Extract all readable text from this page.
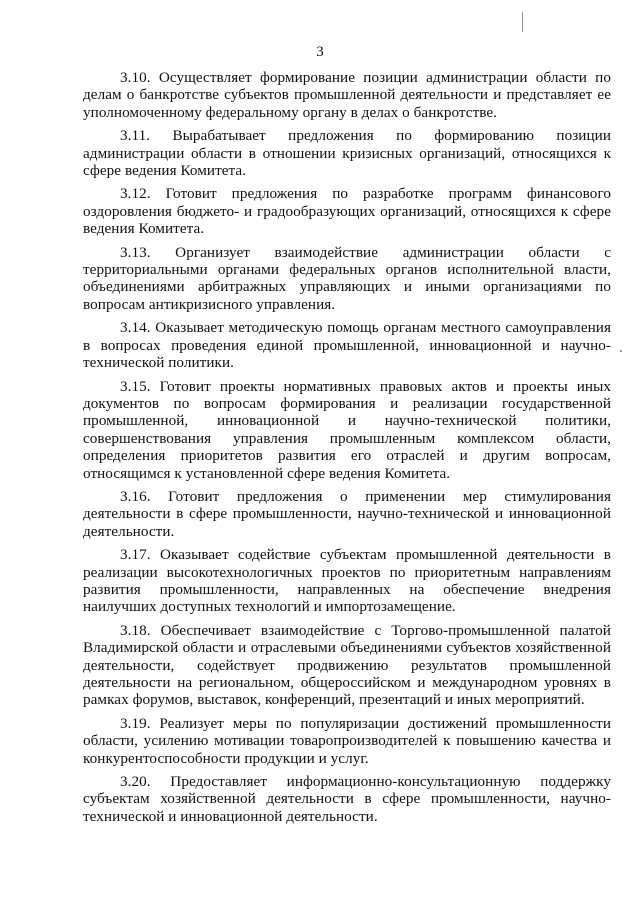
3

3.10. Осуществляет формирование позиции администрации области по делам о банкротстве субъектов промышленной деятельности и представляет ее уполномоченному федеральному органу в делах о банкротстве.

3.11. Вырабатывает предложения по формированию позиции администрации области в отношении кризисных организаций, относящихся к сфере ведения Комитета.

3.12. Готовит предложения по разработке программ финансового оздоровления бюджето- и градообразующих организаций, относящихся к сфере ведения Комитета.

3.13. Организует взаимодействие администрации области с территориальными органами федеральных органов исполнительной власти, объединениями арбитражных управляющих и иными организациями по вопросам антикризисного управления.

3.14. Оказывает методическую помощь органам местного самоуправления в вопросах проведения единой промышленной, инновационной и научно-технической политики.

3.15. Готовит проекты нормативных правовых актов и проекты иных документов по вопросам формирования и реализации государственной промышленной, инновационной и научно-технической политики, совершенствования управления промышленным комплексом области, определения приоритетов развития его отраслей и другим вопросам, относящимся к установленной сфере ведения Комитета.

3.16. Готовит предложения о применении мер стимулирования деятельности в сфере промышленности, научно-технической и инновационной деятельности.

3.17. Оказывает содействие субъектам промышленной деятельности в реализации высокотехнологичных проектов по приоритетным направлениям развития промышленности, направленных на обеспечение внедрения наилучших доступных технологий и импортозамещение.

3.18. Обеспечивает взаимодействие с Торгово-промышленной палатой Владимирской области и отраслевыми объединениями субъектов хозяйственной деятельности, содействует продвижению результатов промышленной деятельности на региональном, общероссийском и международном уровнях в рамках форумов, выставок, конференций, презентаций и иных мероприятий.

3.19. Реализует меры по популяризации достижений промышленности области, усилению мотивации товаропроизводителей к повышению качества и конкурентоспособности продукции и услуг.

3.20. Предоставляет информационно-консультационную поддержку субъектам хозяйственной деятельности в сфере промышленности, научно-технической и инновационной деятельности.
